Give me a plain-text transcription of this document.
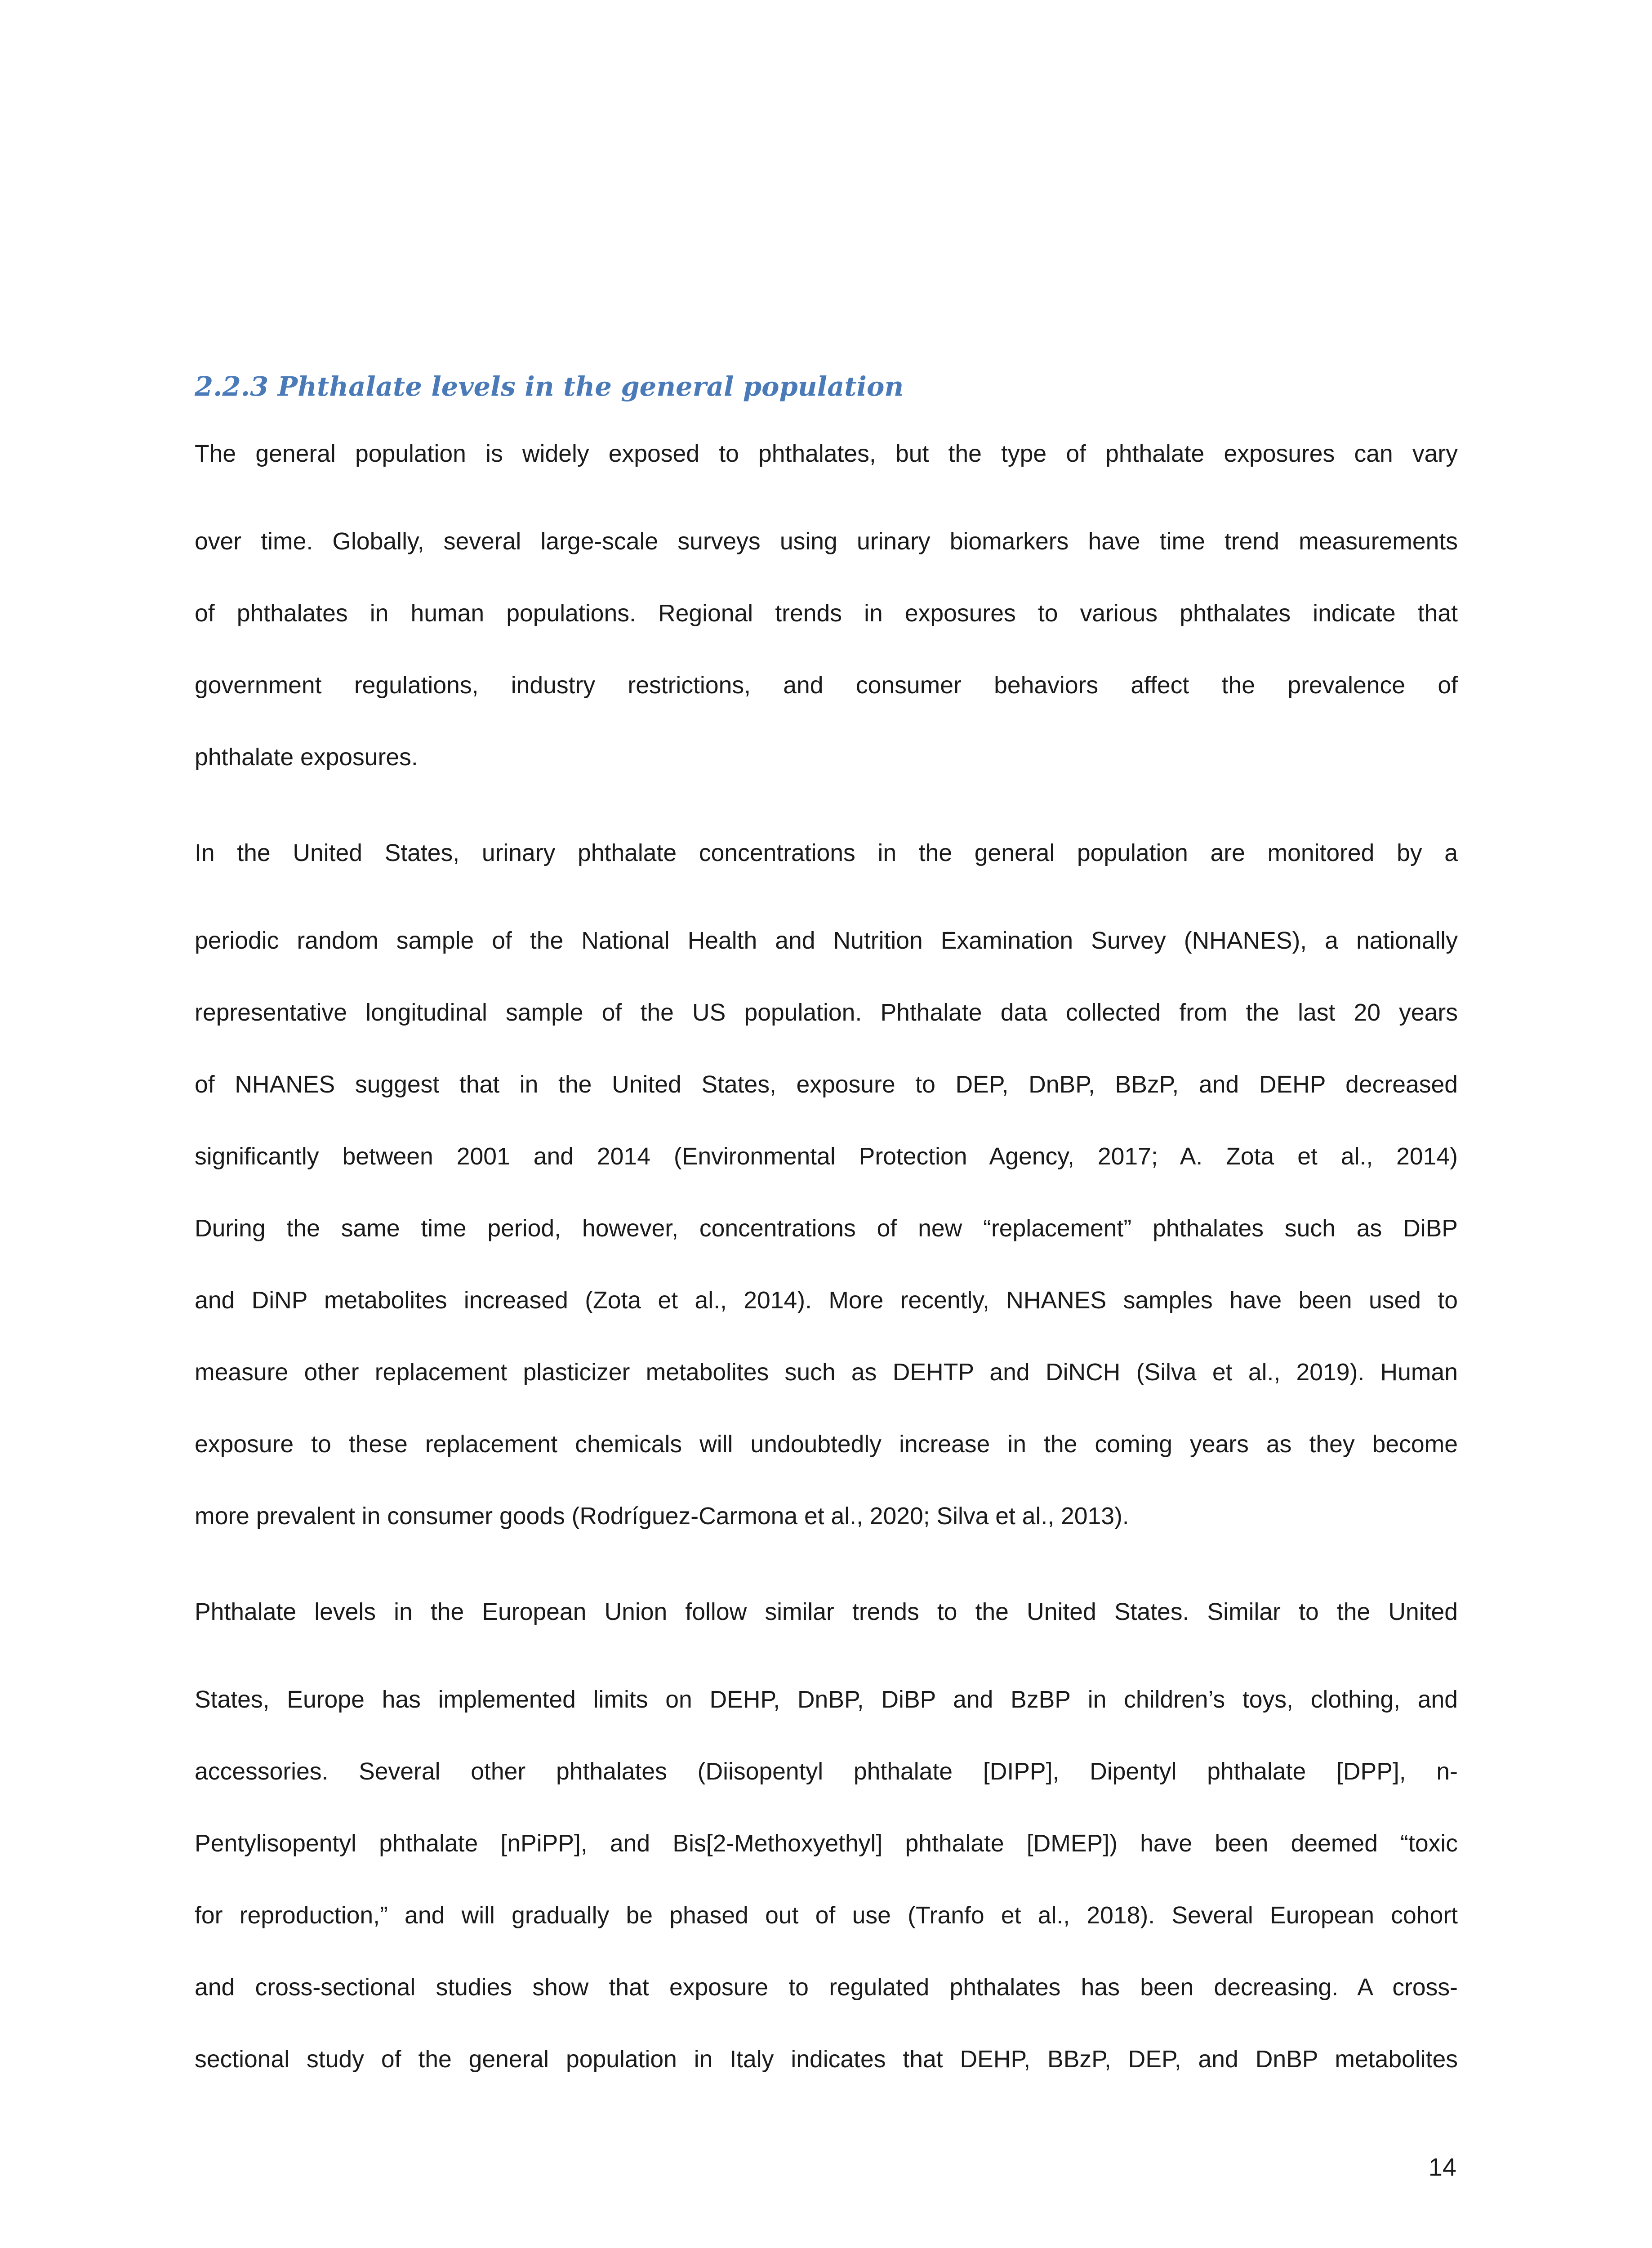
2.2.3 Phthalate levels in the general population
The general population is widely exposed to phthalates, but the type of phthalate exposures can vary
over time. Globally, several large-scale surveys using urinary biomarkers have time trend measurements
of phthalates in human populations. Regional trends in exposures to various phthalates indicate that
government regulations, industry restrictions, and consumer behaviors affect the prevalence of
phthalate exposures.
In the United States, urinary phthalate concentrations in the general population are monitored by a
periodic random sample of the National Health and Nutrition Examination Survey (NHANES), a nationally
representative longitudinal sample of the US population. Phthalate data collected from the last 20 years
of NHANES suggest that in the United States, exposure to DEP, DnBP, BBzP, and DEHP decreased
significantly between 2001 and 2014 (Environmental Protection Agency, 2017; A. Zota et al., 2014)
During the same time period, however, concentrations of new “replacement” phthalates such as DiBP
and DiNP metabolites increased (Zota et al., 2014). More recently, NHANES samples have been used to
measure other replacement plasticizer metabolites such as DEHTP and DiNCH (Silva et al., 2019). Human
exposure to these replacement chemicals will undoubtedly increase in the coming years as they become
more prevalent in consumer goods (Rodríguez-Carmona et al., 2020; Silva et al., 2013).
Phthalate levels in the European Union follow similar trends to the United States. Similar to the United
States, Europe has implemented limits on DEHP, DnBP, DiBP and BzBP in children’s toys, clothing, and
accessories. Several other phthalates (Diisopentyl phthalate [DIPP], Dipentyl phthalate [DPP], n-
Pentylisopentyl phthalate [nPiPP], and Bis[2-Methoxyethyl] phthalate [DMEP]) have been deemed “toxic
for reproduction,” and will gradually be phased out of use (Tranfo et al., 2018). Several European cohort
and cross-sectional studies show that exposure to regulated phthalates has been decreasing. A cross-
sectional study of the general population in Italy indicates that DEHP, BBzP, DEP, and DnBP metabolites
14
